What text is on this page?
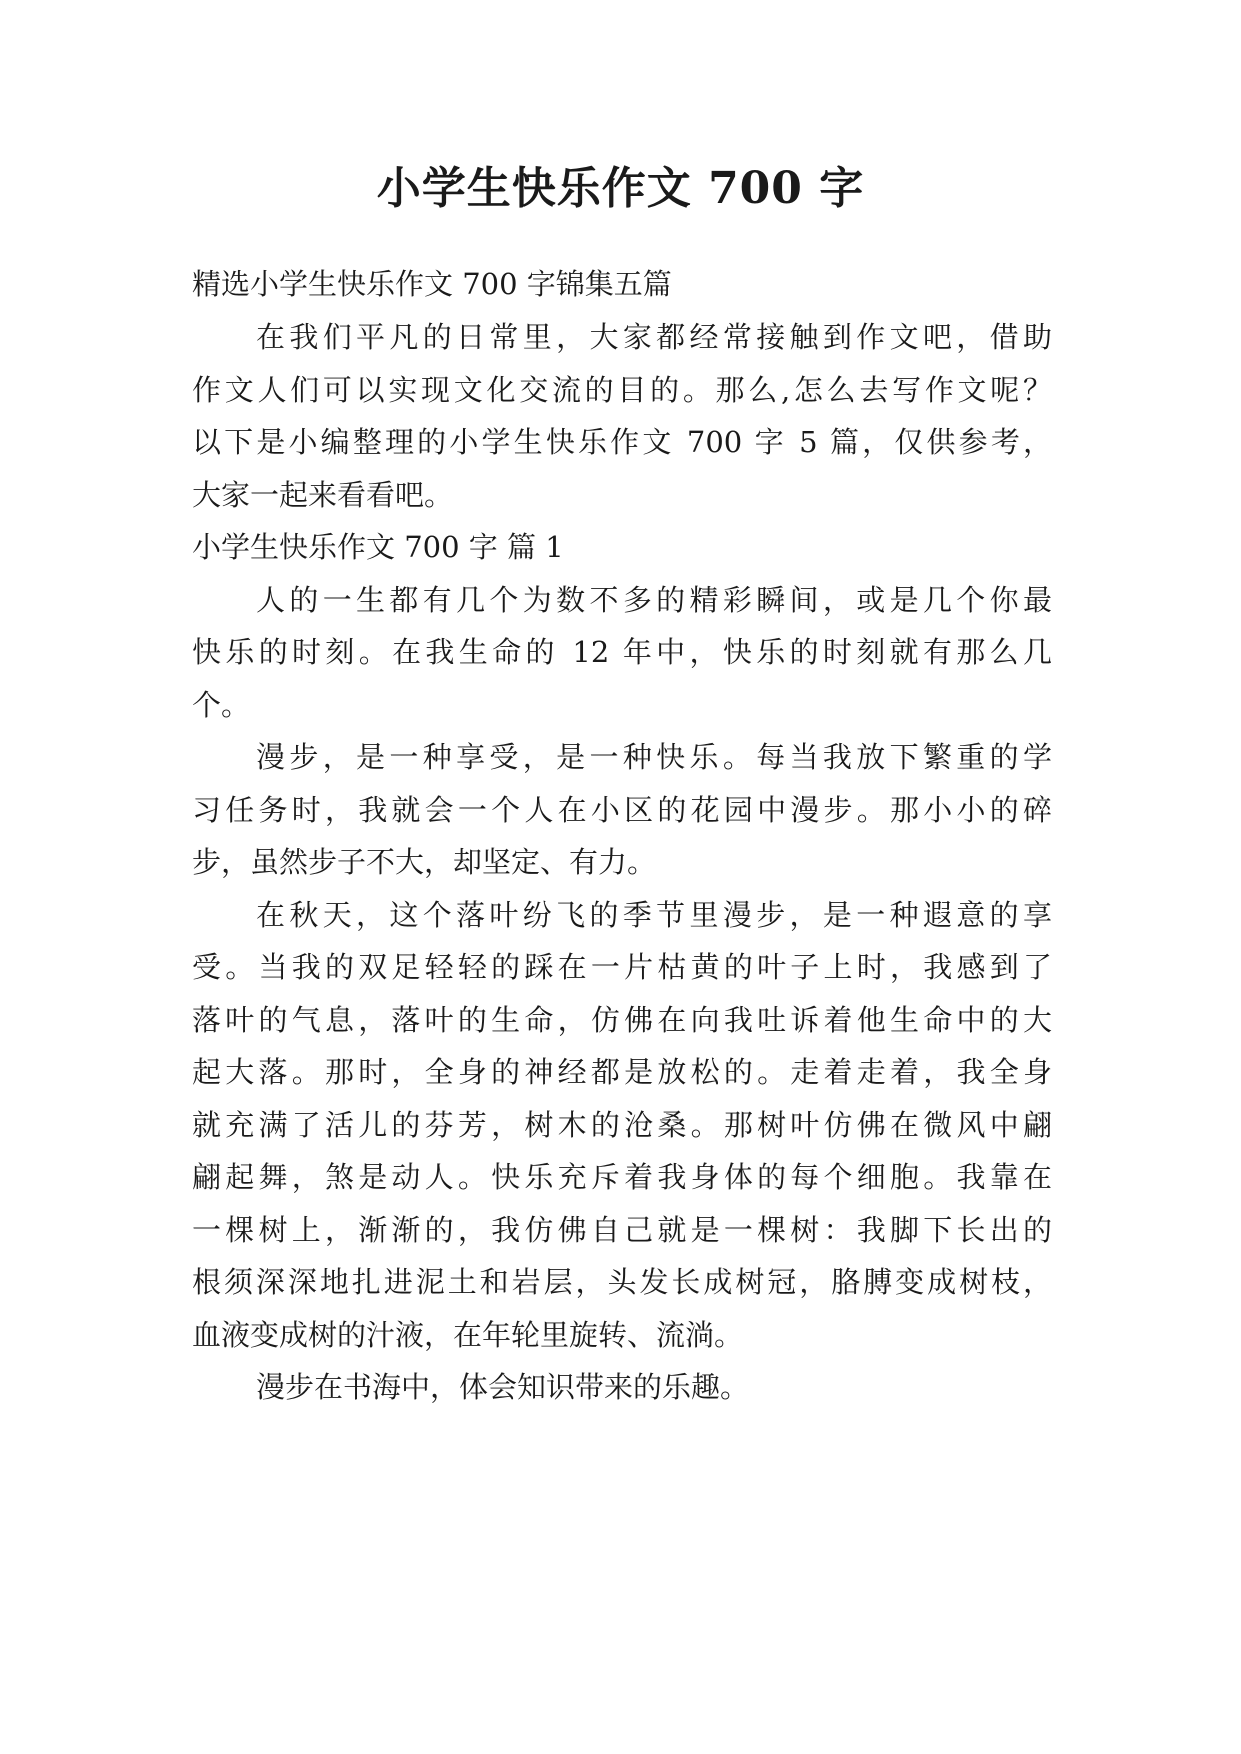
小学生快乐作文 700 字
精选小学生快乐作文 700 字锦集五篇
在我们平凡的日常里，大家都经常接触到作文吧，借助
作文人们可以实现文化交流的目的。那么,怎么去写作文呢？
以下是小编整理的小学生快乐作文 700 字 5 篇，仅供参考，
大家一起来看看吧。
小学生快乐作文 700 字 篇 1
人的一生都有几个为数不多的精彩瞬间，或是几个你最
快乐的时刻。在我生命的 12 年中，快乐的时刻就有那么几
个。
漫步，是一种享受，是一种快乐。每当我放下繁重的学
习任务时，我就会一个人在小区的花园中漫步。那小小的碎
步，虽然步子不大，却坚定、有力。
在秋天，这个落叶纷飞的季节里漫步，是一种遐意的享
受。当我的双足轻轻的踩在一片枯黄的叶子上时，我感到了
落叶的气息，落叶的生命，仿佛在向我吐诉着他生命中的大
起大落。那时，全身的神经都是放松的。走着走着，我全身
就充满了活儿的芬芳，树木的沧桑。那树叶仿佛在微风中翩
翩起舞，煞是动人。快乐充斥着我身体的每个细胞。我靠在
一棵树上，渐渐的，我仿佛自己就是一棵树：我脚下长出的
根须深深地扎进泥土和岩层，头发长成树冠，胳膊变成树枝，
血液变成树的汁液，在年轮里旋转、流淌。
漫步在书海中，体会知识带来的乐趣。
